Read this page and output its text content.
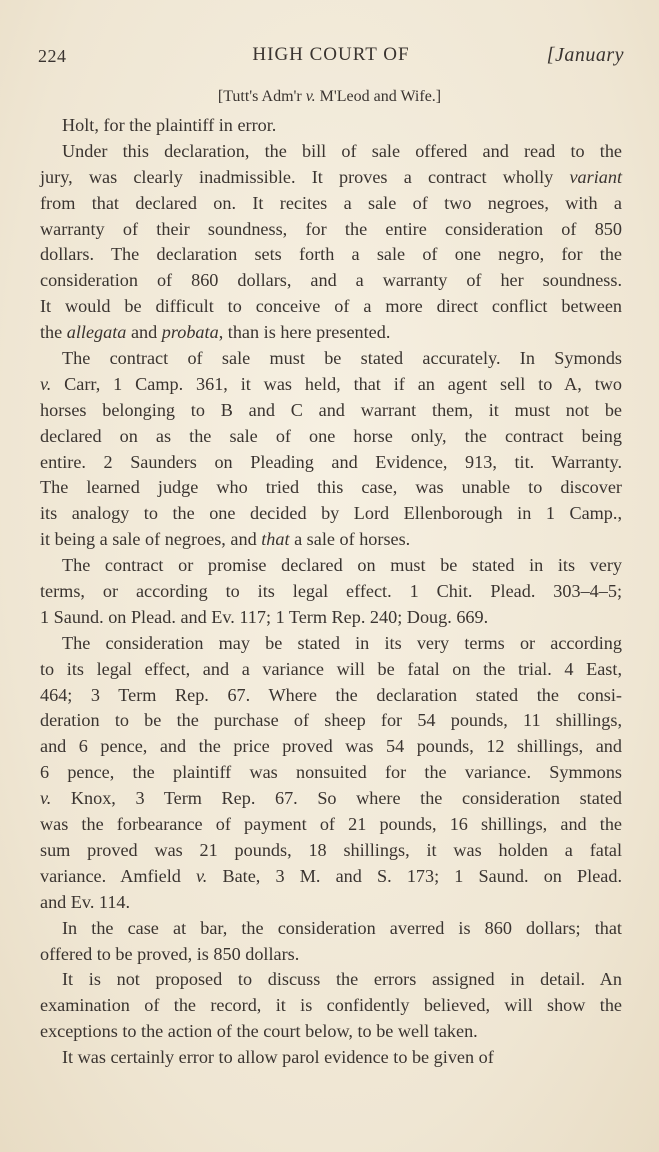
224	HIGH COURT OF	[January
[Tutt's Adm'r v. M'Leod and Wife.]
Holt, for the plaintiff in error.
Under this declaration, the bill of sale offered and read to the
jury, was clearly inadmissible. It proves a contract wholly variant
from that declared on. It recites a sale of two negroes, with a
warranty of their soundness, for the entire consideration of 850
dollars. The declaration sets forth a sale of one negro, for the
consideration of 860 dollars, and a warranty of her soundness.
It would be difficult to conceive of a more direct conflict between
the allegata and probata, than is here presented.
The contract of sale must be stated accurately. In Symonds
v. Carr, 1 Camp. 361, it was held, that if an agent sell to A, two
horses belonging to B and C and warrant them, it must not be
declared on as the sale of one horse only, the contract being
entire. 2 Saunders on Pleading and Evidence, 913, tit. Warranty.
The learned judge who tried this case, was unable to discover
its analogy to the one decided by Lord Ellenborough in 1 Camp.,
it being a sale of negroes, and that a sale of horses.
The contract or promise declared on must be stated in its very
terms, or according to its legal effect. 1 Chit. Plead. 303–4–5;
1 Saund. on Plead. and Ev. 117; 1 Term Rep. 240; Doug. 669.
The consideration may be stated in its very terms or according
to its legal effect, and a variance will be fatal on the trial. 4 East,
464; 3 Term Rep. 67. Where the declaration stated the consi-
deration to be the purchase of sheep for 54 pounds, 11 shillings,
and 6 pence, and the price proved was 54 pounds, 12 shillings, and
6 pence, the plaintiff was nonsuited for the variance. Symmons
v. Knox, 3 Term Rep. 67. So where the consideration stated
was the forbearance of payment of 21 pounds, 16 shillings, and the
sum proved was 21 pounds, 18 shillings, it was holden a fatal
variance. Amfield v. Bate, 3 M. and S. 173; 1 Saund. on Plead.
and Ev. 114.
In the case at bar, the consideration averred is 860 dollars; that
offered to be proved, is 850 dollars.
It is not proposed to discuss the errors assigned in detail. An
examination of the record, it is confidently believed, will show the
exceptions to the action of the court below, to be well taken.
It was certainly error to allow parol evidence to be given of
